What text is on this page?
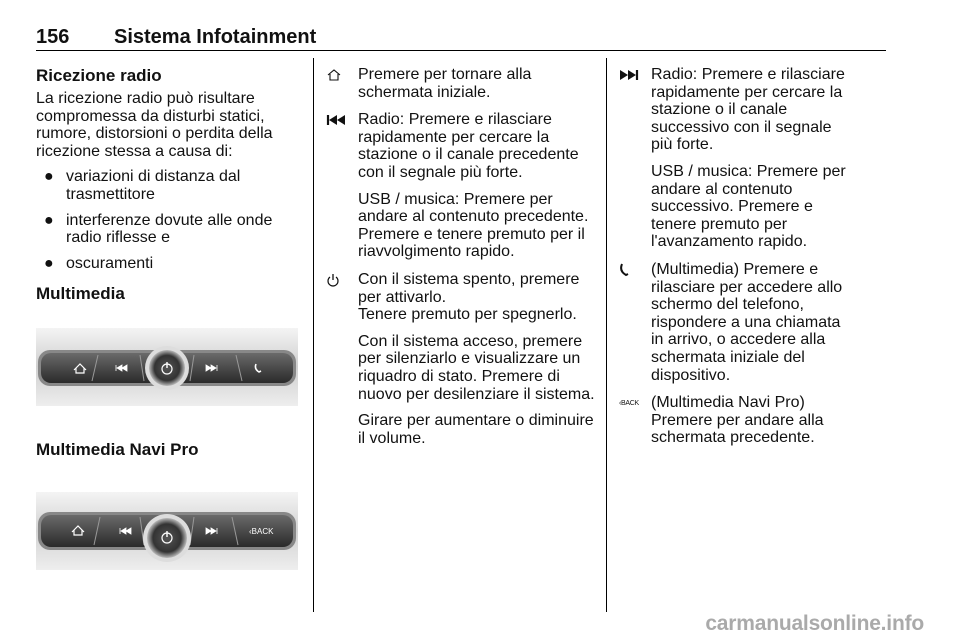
156 Sistema Infotainment
Ricezione radio

La ricezione radio può risultare compromessa da disturbi statici, rumore, distorsioni o perdita della ricezione stessa a causa di:

● variazioni di distanza dal trasmettitore
● interferenze dovute alle onde radio riflesse e
● oscuramenti
Multimedia
Multimedia Navi Pro
‹BACK

Premere per tornare alla schermata iniziale.

Radio: Premere e rilasciare rapidamente per cercare la stazione o il canale precedente con il segnale più forte.

USB / musica: Premere per andare al contenuto precedente. Premere e tenere premuto per il riavvolgimento rapido.

Con il sistema spento, premere per attivarlo.

Tenere premuto per spegnerlo.

Con il sistema acceso, premere per silenziarlo e visualizzare un riquadro di stato. Premere di nuovo per desilenziare il sistema.

Girare per aumentare o diminuire il volume.

Radio: Premere e rilasciare rapidamente per cercare la stazione o il canale successivo con il segnale più forte.

USB / musica: Premere per andare al contenuto successivo. Premere e tenere premuto per l'avanzamento rapido.

(Multimedia) Premere e rilasciare per accedere allo schermo del telefono, rispondere a una chiamata in arrivo, o accedere alla schermata iniziale del dispositivo.

‹BACK (Multimedia Navi Pro) Premere per andare alla schermata precedente.

carmanualsonline.info
